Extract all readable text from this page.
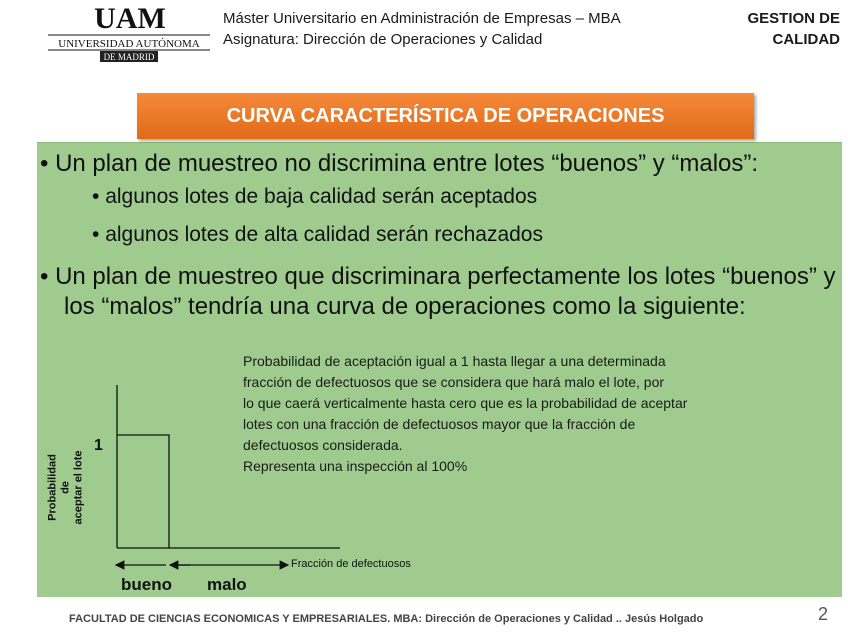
UAM
UNIVERSIDAD AUTÓNOMA
DE MADRID
Máster Universitario en Administración de Empresas – MBA
Asignatura: Dirección de Operaciones y Calidad
GESTION DE
CALIDAD
CURVA CARACTERÍSTICA DE OPERACIONES
• Un plan de muestreo no discrimina entre lotes “buenos” y “malos”:
• algunos lotes de baja calidad serán aceptados
• algunos lotes de alta calidad serán rechazados
• Un plan de muestreo que discriminara perfectamente los lotes “buenos” y los “malos” tendría una curva de operaciones como la siguiente:
Probabilidad de aceptación igual a 1 hasta llegar a una determinada
fracción de defectuosos que se considera que hará malo el lote, por
lo que caerá verticalmente hasta cero que es la probabilidad de aceptar
lotes con una fracción de defectuosos mayor que la fracción de
defectuosos considerada.
Representa una inspección al 100%
Probabilidad de aceptar el lote
1
Fracción de defectuosos
bueno malo
FACULTAD DE CIENCIAS ECONOMICAS Y EMPRESARIALES. MBA: Dirección de Operaciones y Calidad .. Jesús Holgado	2
